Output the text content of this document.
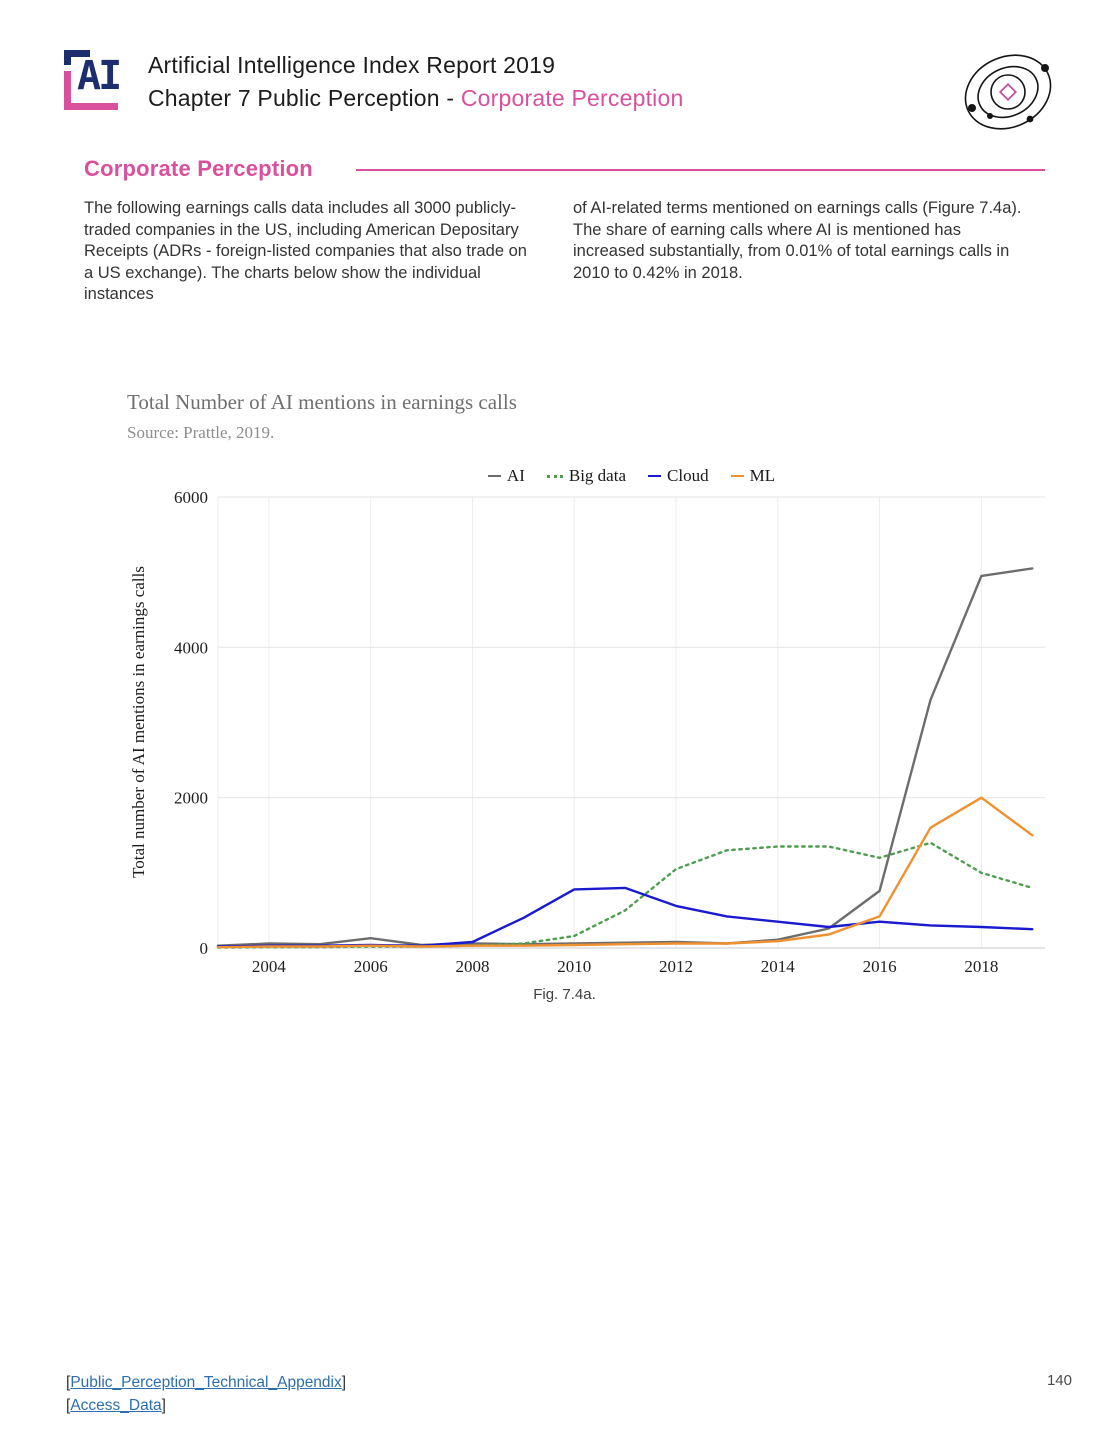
AI Artificial Intelligence Index Report 2019
Chapter 7 Public Perception - Corporate Perception
Corporate Perception

The following earnings calls data includes all 3000 publicly-traded companies in the US, including American Depositary Receipts (ADRs - foreign-listed companies that also trade on a US exchange). The charts below show the individual instances

of AI-related terms mentioned on earnings calls (Figure 7.4a). The share of earning calls where AI is mentioned has increased substantially, from 0.01% of total earnings calls in 2010 to 0.42% in 2018.

Total Number of AI mentions in earnings calls
Source: Prattle, 2019.
AI	Big data Cloud ML
Total number of AI mentions in earnings calls
0
2000
4000
6000
2004	2006	2008	2010	2012	2014	2016	2018
Fig. 7.4a.
[Public_Perception_Technical_Appendix]
[Access_Data]
140
